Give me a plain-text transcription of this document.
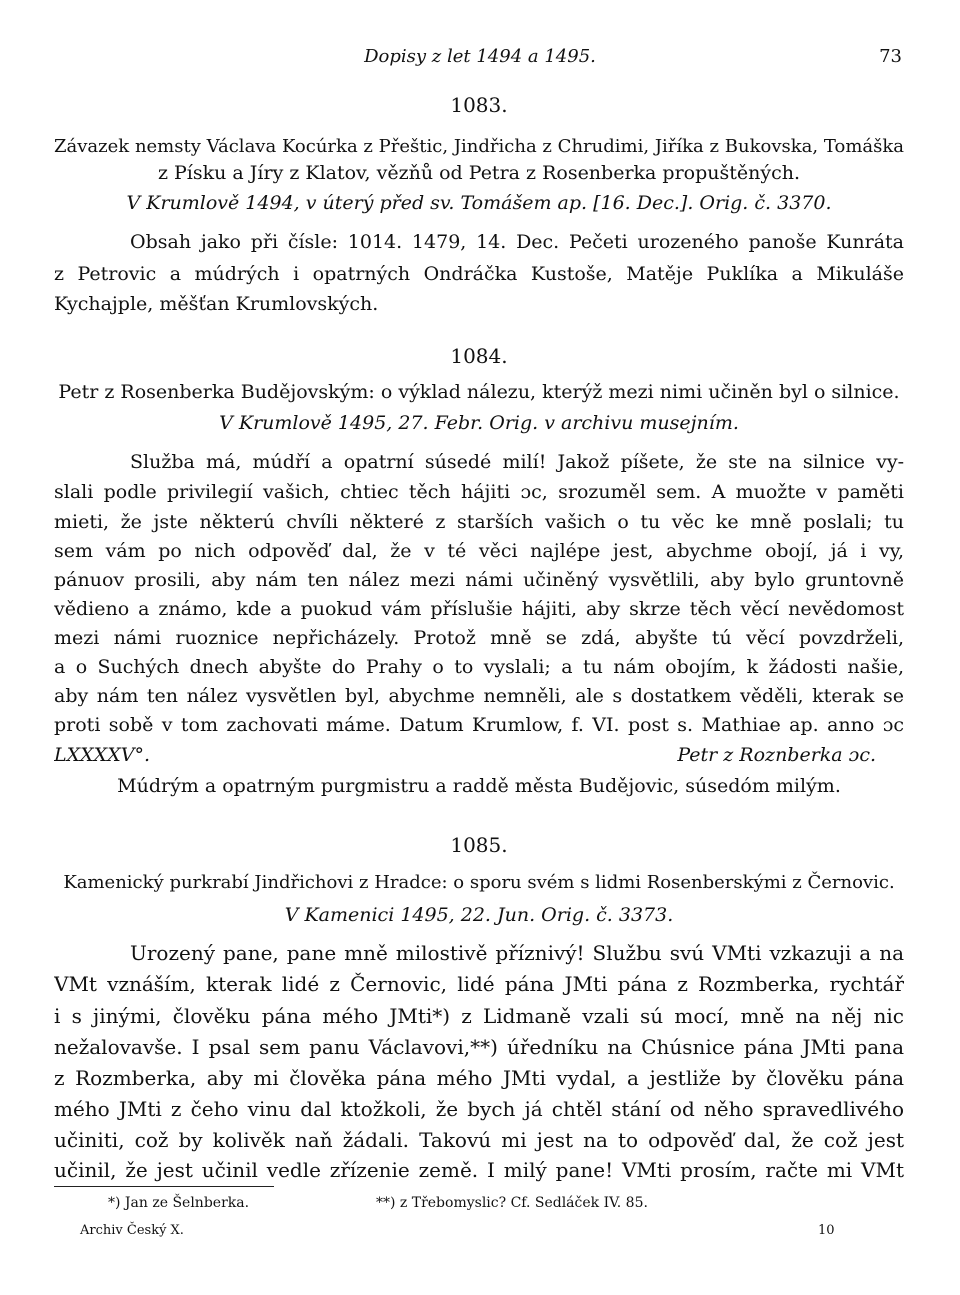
Dopisy z let 1494 a 1495.	73
1083.
Závazek nemsty Václava Kocúrka z Přeštic, Jindřicha z Chrudimi, Jiříka z Bukovska, Tomáška
z Písku a Jíry z Klatov, vězňů od Petra z Rosenberka propuštěných.
V Krumlově 1494, v úterý před sv. Tomášem ap. [16. Dec.]. Orig. č. 3370.
Obsah jako při čísle: 1014. 1479, 14. Dec. Pečeti urozeného panoše Kunráta
z Petrovic a múdrých i opatrných Ondráčka Kustoše, Matěje Puklíka a Mikuláše
Kychajple, měšťan Krumlovských.
1084.
Petr z Rosenberka Budějovským: o výklad nálezu, kterýž mezi nimi učiněn byl o silnice.
V Krumlově 1495, 27. Febr. Orig. v archivu musejním.
Služba má, múdří a opatrní súsedé milí! Jakož píšete, že ste na silnice vy-
slali podle privilegií vašich, chtiec těch hájiti ɔc, srozuměl sem. A muožte v paměti
mieti, že jste některú chvíli některé z starších vašich o tu věc ke mně poslali; tu
sem vám po nich odpověď dal, že v té věci najlépe jest, abychme obojí, já i vy,
pánuov prosili, aby nám ten nález mezi námi učiněný vysvětlili, aby bylo gruntovně
vědieno a známo, kde a puokud vám příslušie hájiti, aby skrze těch věcí nevědomost
mezi námi ruoznice nepřicházely. Protož mně se zdá, abyšte tú věcí povzdrželi,
a o Suchých dnech abyšte do Prahy o to vyslali; a tu nám obojím, k žádosti našie,
aby nám ten nález vysvětlen byl, abychme nemněli, ale s dostatkem věděli, kterak se
proti sobě v tom zachovati máme. Datum Krumlow, f. VI. post s. Mathiae ap. anno ɔc
LXXXXV°.	Petr z Roznberka ɔc.
Múdrým a opatrným purgmistru a raddě města Budějovic, súsedóm milým.
1085.
Kamenický purkrabí Jindřichovi z Hradce: o sporu svém s lidmi Rosenberskými z Černovic.
V Kamenici 1495, 22. Jun. Orig. č. 3373.
Urozený pane, pane mně milostivě příznivý! Službu svú VMti vzkazuji a na
VMt vznáším, kterak lidé z Černovic, lidé pána JMti pána z Rozmberka, rychtář
i s jinými, člověku pána mého JMti*) z Lidmaně vzali sú mocí, mně na něj nic
nežalovavše. I psal sem panu Václavovi,**) úředníku na Chúsnice pána JMti pana
z Rozmberka, aby mi člověka pána mého JMti vydal, a jestliže by člověku pána
mého JMti z čeho vinu dal ktožkoli, že bych já chtěl stání od něho spravedlivého
učiniti, což by kolivěk naň žádali. Takovú mi jest na to odpověď dal, že což jest
učinil, že jest učinil vedle zřízenie země. I milý pane! VMti prosím, račte mi VMt
*) Jan ze Šelnberka.	**) z Třebomyslic? Cf. Sedláček IV. 85.
Archiv Český X.	10
